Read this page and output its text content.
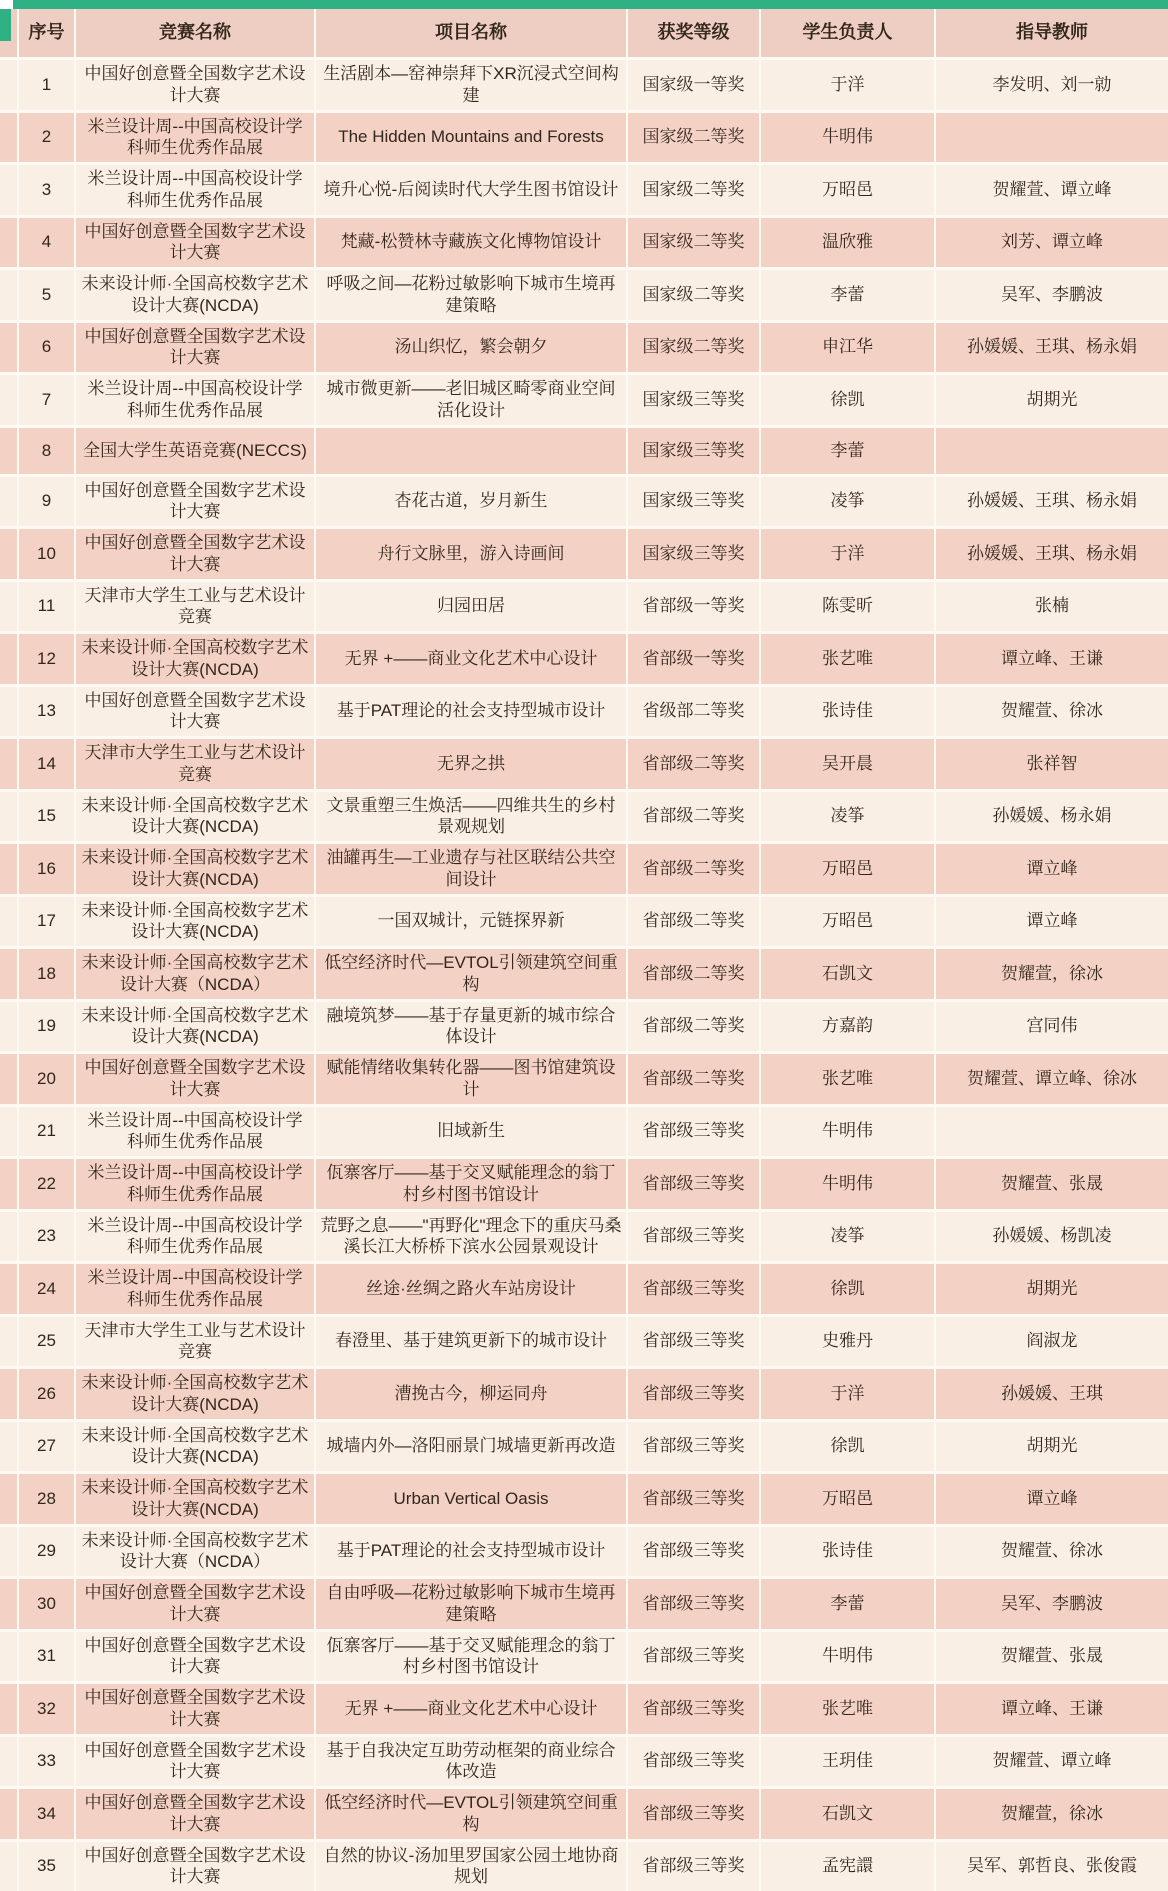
	序号	竞赛名称	项目名称	获奖等级	学生负责人	指导教师
	1	中国好创意暨全国数字艺术设计大赛	生活剧本—窑神崇拜下XR沉浸式空间构建	国家级一等奖	于洋	李发明、刘一勍
	2	米兰设计周--中国高校设计学科师生优秀作品展	The Hidden Mountains and Forests	国家级二等奖	牛明伟	
	3	米兰设计周--中国高校设计学科师生优秀作品展	境升心悦-后阅读时代大学生图书馆设计	国家级二等奖	万昭邑	贺耀萱、谭立峰
	4	中国好创意暨全国数字艺术设计大赛	梵藏-松赞林寺藏族文化博物馆设计	国家级二等奖	温欣雅	刘芳、谭立峰
	5	未来设计师·全国高校数字艺术设计大赛(NCDA)	呼吸之间—花粉过敏影响下城市生境再建策略	国家级二等奖	李蕾	吴军、李鹏波
	6	中国好创意暨全国数字艺术设计大赛	汤山织忆，繁会朝夕	国家级二等奖	申江华	孙媛媛、王琪、杨永娟
	7	米兰设计周--中国高校设计学科师生优秀作品展	城市微更新——老旧城区畸零商业空间活化设计	国家级三等奖	徐凯	胡期光
	8	全国大学生英语竞赛(NECCS)		国家级三等奖	李蕾	
	9	中国好创意暨全国数字艺术设计大赛	杏花古道，岁月新生	国家级三等奖	凌筝	孙媛媛、王琪、杨永娟
	10	中国好创意暨全国数字艺术设计大赛	舟行文脉里，游入诗画间	国家级三等奖	于洋	孙媛媛、王琪、杨永娟
	11	天津市大学生工业与艺术设计竞赛	归园田居	省部级一等奖	陈雯昕	张楠
	12	未来设计师·全国高校数字艺术设计大赛(NCDA)	无界 +——商业文化艺术中心设计	省部级一等奖	张艺唯	谭立峰、王谦
	13	中国好创意暨全国数字艺术设计大赛	基于PAT理论的社会支持型城市设计	省级部二等奖	张诗佳	贺耀萱、徐冰
	14	天津市大学生工业与艺术设计竞赛	无界之拱	省部级二等奖	吴开晨	张祥智
	15	未来设计师·全国高校数字艺术设计大赛(NCDA)	文景重塑三生焕活——四维共生的乡村景观规划	省部级二等奖	凌筝	孙媛媛、杨永娟
	16	未来设计师·全国高校数字艺术设计大赛(NCDA)	油罐再生—工业遗存与社区联结公共空间设计	省部级二等奖	万昭邑	谭立峰
	17	未来设计师·全国高校数字艺术设计大赛(NCDA)	一国双城计，元链探界新	省部级二等奖	万昭邑	谭立峰
	18	未来设计师·全国高校数字艺术设计大赛（NCDA）	低空经济时代—EVTOL引领建筑空间重构	省部级二等奖	石凯文	贺耀萱，徐冰
	19	未来设计师·全国高校数字艺术设计大赛(NCDA)	融境筑梦——基于存量更新的城市综合体设计	省部级二等奖	方嘉韵	宫同伟
	20	中国好创意暨全国数字艺术设计大赛	赋能情绪收集转化器——图书馆建筑设计	省部级二等奖	张艺唯	贺耀萱、谭立峰、徐冰
	21	米兰设计周--中国高校设计学科师生优秀作品展	旧域新生	省部级三等奖	牛明伟	
	22	米兰设计周--中国高校设计学科师生优秀作品展	佤寨客厅——基于交叉赋能理念的翁丁村乡村图书馆设计	省部级三等奖	牛明伟	贺耀萱、张晟
	23	米兰设计周--中国高校设计学科师生优秀作品展	荒野之息——"再野化"理念下的重庆马桑溪长江大桥桥下滨水公园景观设计	省部级三等奖	凌筝	孙媛媛、杨凯凌
	24	米兰设计周--中国高校设计学科师生优秀作品展	丝途·丝绸之路火车站房设计	省部级三等奖	徐凯	胡期光
	25	天津市大学生工业与艺术设计竞赛	春澄里、基于建筑更新下的城市设计	省部级三等奖	史雅丹	阎淑龙
	26	未来设计师·全国高校数字艺术设计大赛(NCDA)	漕挽古今，柳运同舟	省部级三等奖	于洋	孙媛媛、王琪
	27	未来设计师·全国高校数字艺术设计大赛(NCDA)	城墙内外—洛阳丽景门城墙更新再改造	省部级三等奖	徐凯	胡期光
	28	未来设计师·全国高校数字艺术设计大赛(NCDA)	Urban Vertical Oasis	省部级三等奖	万昭邑	谭立峰
	29	未来设计师·全国高校数字艺术设计大赛（NCDA）	基于PAT理论的社会支持型城市设计	省部级三等奖	张诗佳	贺耀萱、徐冰
	30	中国好创意暨全国数字艺术设计大赛	自由呼吸—花粉过敏影响下城市生境再建策略	省部级三等奖	李蕾	吴军、李鹏波
	31	中国好创意暨全国数字艺术设计大赛	佤寨客厅——基于交叉赋能理念的翁丁村乡村图书馆设计	省部级三等奖	牛明伟	贺耀萱、张晟
	32	中国好创意暨全国数字艺术设计大赛	无界 +——商业文化艺术中心设计	省部级三等奖	张艺唯	谭立峰、王谦
	33	中国好创意暨全国数字艺术设计大赛	基于自我决定互助劳动框架的商业综合体改造	省部级三等奖	王玥佳	贺耀萱、谭立峰
	34	中国好创意暨全国数字艺术设计大赛	低空经济时代—EVTOL引领建筑空间重构	省部级三等奖	石凯文	贺耀萱，徐冰
	35	中国好创意暨全国数字艺术设计大赛	自然的协议-汤加里罗国家公园土地协商规划	省部级三等奖	孟宪譞	吴军、郭哲良、张俊霞
